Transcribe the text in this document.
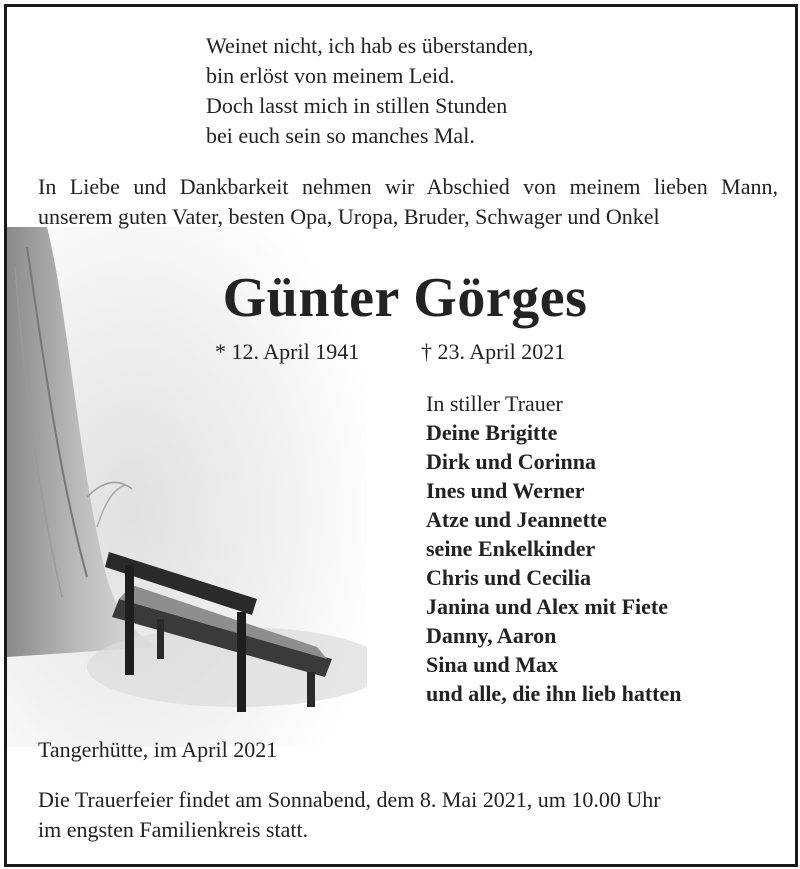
Weinet nicht, ich hab es überstanden,
bin erlöst von meinem Leid.
Doch lasst mich in stillen Stunden
bei euch sein so manches Mal.
In Liebe und Dankbarkeit nehmen wir Abschied von meinem lieben Mann, unserem guten Vater, besten Opa, Uropa, Bruder, Schwager und Onkel
Günter Görges
* 12. April 1941	† 23. April 2021
In stiller Trauer
Deine Brigitte
Dirk und Corinna
Ines und Werner
Atze und Jeannette
seine Enkelkinder
Chris und Cecilia
Janina und Alex mit Fiete
Danny, Aaron
Sina und Max
und alle, die ihn lieb hatten
Tangerhütte, im April 2021
Die Trauerfeier findet am Sonnabend, dem 8. Mai 2021, um 10.00 Uhr
im engsten Familienkreis statt.
